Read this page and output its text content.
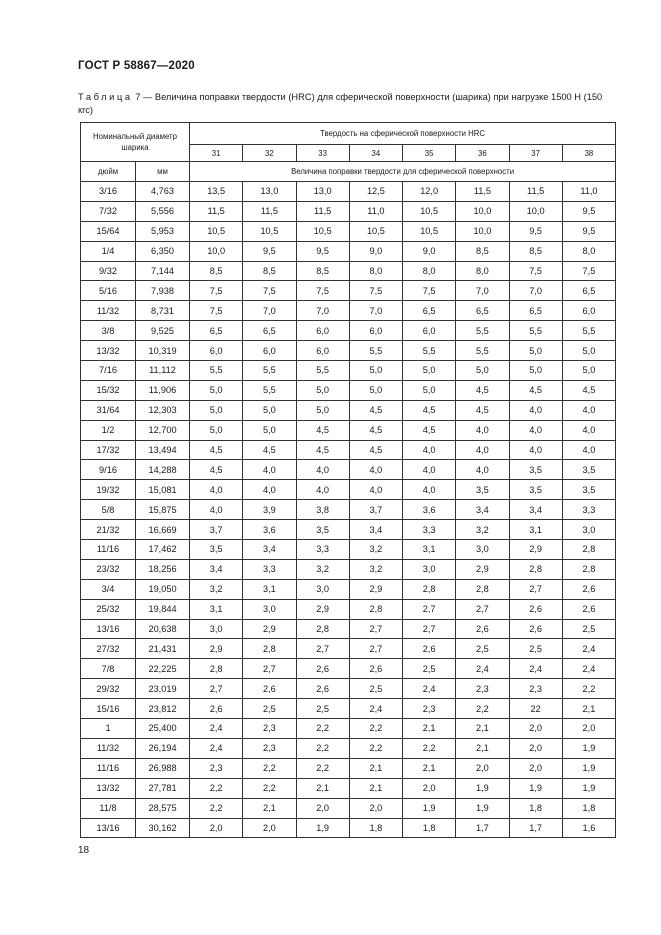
ГОСТ Р 58867—2020
Таблица 7 — Величина поправки твердости (HRC) для сферической поверхности (шарика) при нагрузке 1500 Н (150 кгс)
Номинальный диаметр шарика		Твердость на сферической поверхности HRC							
		31	32	33	34	35	36	37	38
дюйм	мм	Величина поправки твердости для сферической поверхности							
3/16	4,763	13,5	13,0	13,0	12,5	12,0	11,5	11,5	11,0
7/32	5,556	11,5	11,5	11,5	11,0	10,5	10,0	10,0	9,5
15/64	5,953	10,5	10,5	10,5	10,5	10,5	10,0	9,5	9,5
1/4	6,350	10,0	9,5	9,5	9,0	9,0	8,5	8,5	8,0
9/32	7,144	8,5	8,5	8,5	8,0	8,0	8,0	7,5	7,5
5/16	7,938	7,5	7,5	7,5	7,5	7,5	7,0	7,0	6,5
11/32	8,731	7,5	7,0	7,0	7,0	6,5	6,5	6,5	6,0
3/8	9,525	6,5	6,5	6,0	6,0	6,0	5,5	5,5	5,5
13/32	10,319	6,0	6,0	6,0	5,5	5,5	5,5	5,0	5,0
7/16	11,112	5,5	5,5	5,5	5,0	5,0	5,0	5,0	5,0
15/32	11,906	5,0	5,5	5,0	5,0	5,0	4,5	4,5	4,5
31/64	12,303	5,0	5,0	5,0	4,5	4,5	4,5	4,0	4,0
1/2	12,700	5,0	5,0	4,5	4,5	4,5	4,0	4,0	4,0
17/32	13,494	4,5	4,5	4,5	4,5	4,0	4,0	4,0	4,0
9/16	14,288	4,5	4,0	4,0	4,0	4,0	4,0	3,5	3,5
19/32	15,081	4,0	4,0	4,0	4,0	4,0	3,5	3,5	3,5
5/8	15,875	4,0	3,9	3,8	3,7	3,6	3,4	3,4	3,3
21/32	16,669	3,7	3,6	3,5	3,4	3,3	3,2	3,1	3,0
11/16	17,462	3,5	3,4	3,3	3,2	3,1	3,0	2,9	2,8
23/32	18,256	3,4	3,3	3,2	3,2	3,0	2,9	2,8	2,8
3/4	19,050	3,2	3,1	3,0	2,9	2,8	2,8	2,7	2,6
25/32	19,844	3,1	3,0	2,9	2,8	2,7	2,7	2,6	2,6
13/16	20,638	3,0	2,9	2,8	2,7	2,7	2,6	2,6	2,5
27/32	21,431	2,9	2,8	2,7	2,7	2,6	2,5	2,5	2,4
7/8	22,225	2,8	2,7	2,6	2,6	2,5	2,4	2,4	2,4
29/32	23,019	2,7	2,6	2,6	2,5	2,4	2,3	2,3	2,2
15/16	23,812	2,6	2,5	2,5	2,4	2,3	2,2	22	2,1
1	25,400	2,4	2,3	2,2	2,2	2,1	2,1	2,0	2,0
11/32	26,194	2,4	2,3	2,2	2,2	2,2	2,1	2,0	1,9
11/16	26,988	2,3	2,2	2,2	2,1	2,1	2,0	2,0	1,9
13/32	27,781	2,2	2,2	2,1	2,1	2,0	1,9	1,9	1,9
11/8	28,575	2,2	2,1	2,0	2,0	1,9	1,9	1,8	1,8
13/16	30,162	2,0	2,0	1,9	1,8	1,8	1,7	1,7	1,6
18
